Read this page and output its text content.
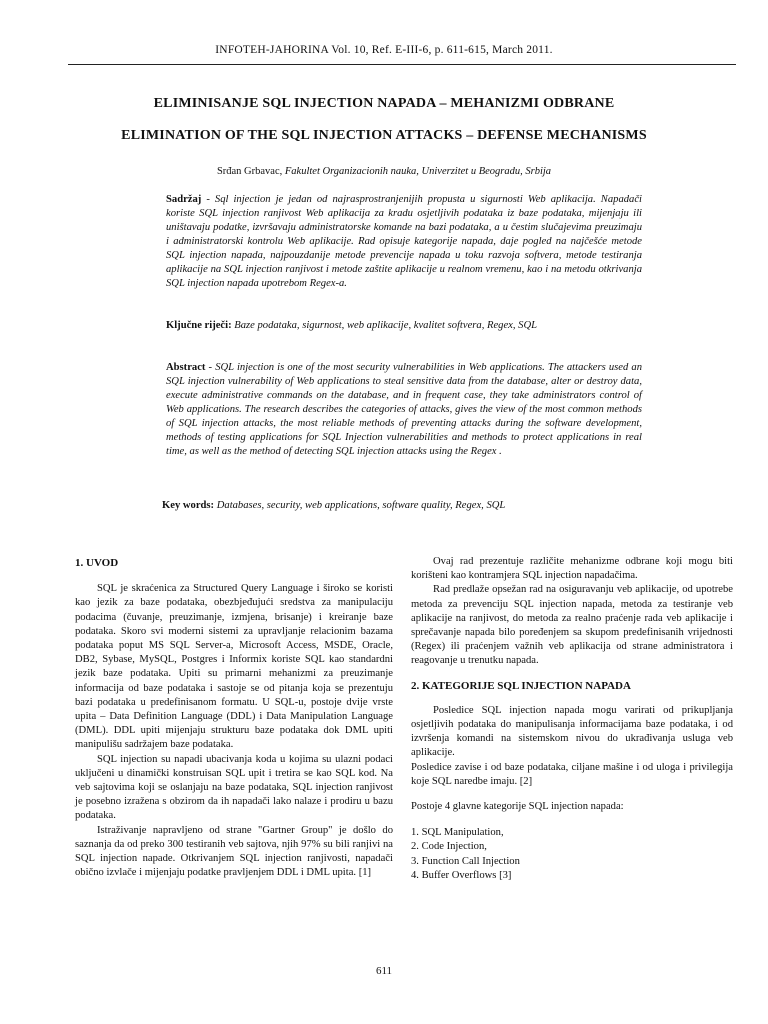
INFOTEH-JAHORINA Vol. 10, Ref. E-III-6, p. 611-615, March 2011.
ELIMINISANJE SQL INJECTION NAPADA – MEHANIZMI ODBRANE
ELIMINATION OF THE SQL INJECTION ATTACKS – DEFENSE MECHANISMS
Srđan Grbavac, Fakultet Organizacionih nauka, Univerzitet u Beogradu, Srbija
Sadržaj - Sql injection je jedan od najrasprostranjenijih propusta u sigurnosti Web aplikacija. Napadači koriste SQL injection ranjivost Web aplikacija za kradu osjetljivih podataka iz baze podataka, mijenjaju ili uništavaju podatke, izvršavaju administratorske komande na bazi podataka, a u čestim slučajevima preuzimaju i administratorski kontrolu Web aplikacije. Rad opisuje kategorije napada, daje pogled na najčešće metode SQL injection napada, najpouzdanije metode prevencije napada u toku razvoja softvera, metode testiranja aplikacije na SQL injection ranjivost i metode zaštite aplikacije u realnom vremenu, kao i na metodu otkrivanja SQL injection napada upotrebom Regex-a.
Ključne riječi: Baze podataka, sigurnost, web aplikacije, kvalitet softvera, Regex, SQL
Abstract - SQL injection is one of the most security vulnerabilities in Web applications. The attackers used an SQL injection vulnerability of Web applications to steal sensitive data from the database, alter or destroy data, execute administrative commands on the database, and in frequent case, they take administrators control of Web applications. The research describes the categories of attacks, gives the view of the most common methods of SQL injection attacks, the most reliable methods of preventing attacks during the software development, methods of testing applications for SQL Injection vulnerabilities and methods to protect applications in real time, as well as the method of detecting SQL injection attacks using the Regex .
Key words: Databases, security, web applications, software quality, Regex, SQL

1. UVOD

SQL je skraćenica za Structured Query Language i široko se koristi kao jezik za baze podataka, obezbjeđujući sredstva za manipulaciju podacima (čuvanje, preuzimanje, izmjena, brisanje) i kreiranje baze podataka. Skoro svi moderni sistemi za upravljanje relacionim bazama podataka poput MS SQL Server-a, Microsoft Access, MSDE, Oracle, DB2, Sybase, MySQL, Postgres i Informix koriste SQL kao standardni jezik baze podataka. Upiti su primarni mehanizmi za preuzimanje informacija od baze podataka i sastoje se od pitanja koja se prezentuju bazi podataka u predefinisanom formatu. U SQL-u, postoje dvije vrste upita – Data Definition Language (DDL) i Data Manipulation Language (DML). DDL upiti mijenjaju strukturu baze podataka dok DML upiti manipulišu sadržajem baze podataka.

SQL injection su napadi ubacivanja koda u kojima su ulazni podaci uključeni u dinamički konstruisan SQL upit i tretira se kao SQL kod. Na veb sajtovima koji se oslanjaju na baze podataka, SQL injection ranjivost je posebno izražena s obzirom da ih napadači lako nalaze i prodiru u bazu podataka.

Istraživanje napravljeno od strane "Gartner Group" je došlo do saznanja da od preko 300 testiranih veb sajtova, njih 97% su bili ranjivi na SQL injection napade. Otkrivanjem SQL injection ranjivosti, napadači obično izvlače i mijenjaju podatke pravljenjem DDL i DML upita. [1]

Ovaj rad prezentuje različite mehanizme odbrane koji mogu biti korišteni kao kontramjera SQL injection napadačima.

Rad predlaže opsežan rad na osiguravanju veb aplikacije, od upotrebe metoda za prevenciju SQL injection napada, metoda za testiranje veb aplikacije na ranjivost, do metoda za realno praćenje rada veb aplikacije i sprečavanje napada bilo poređenjem sa skupom predefinisanih vrijednosti (Regex) ili praćenjem važnih veb aplikacija od strane administratora i reagovanje u trenutku napada.

2. KATEGORIJE SQL INJECTION NAPADA

Posledice SQL injection napada mogu varirati od prikupljanja osjetljivih podataka do manipulisanja informacijama baze podataka, i od izvršenja komandi na sistemskom nivou do ukrađivanja usluga veb aplikacije.

Posledice zavise i od baze podataka, ciljane mašine i od uloga i privilegija koje SQL naredbe imaju. [2]

Postoje 4 glavne kategorije SQL injection napada:

1. SQL Manipulation,
2. Code Injection,
3. Function Call Injection
4. Buffer Overflows [3]
611
